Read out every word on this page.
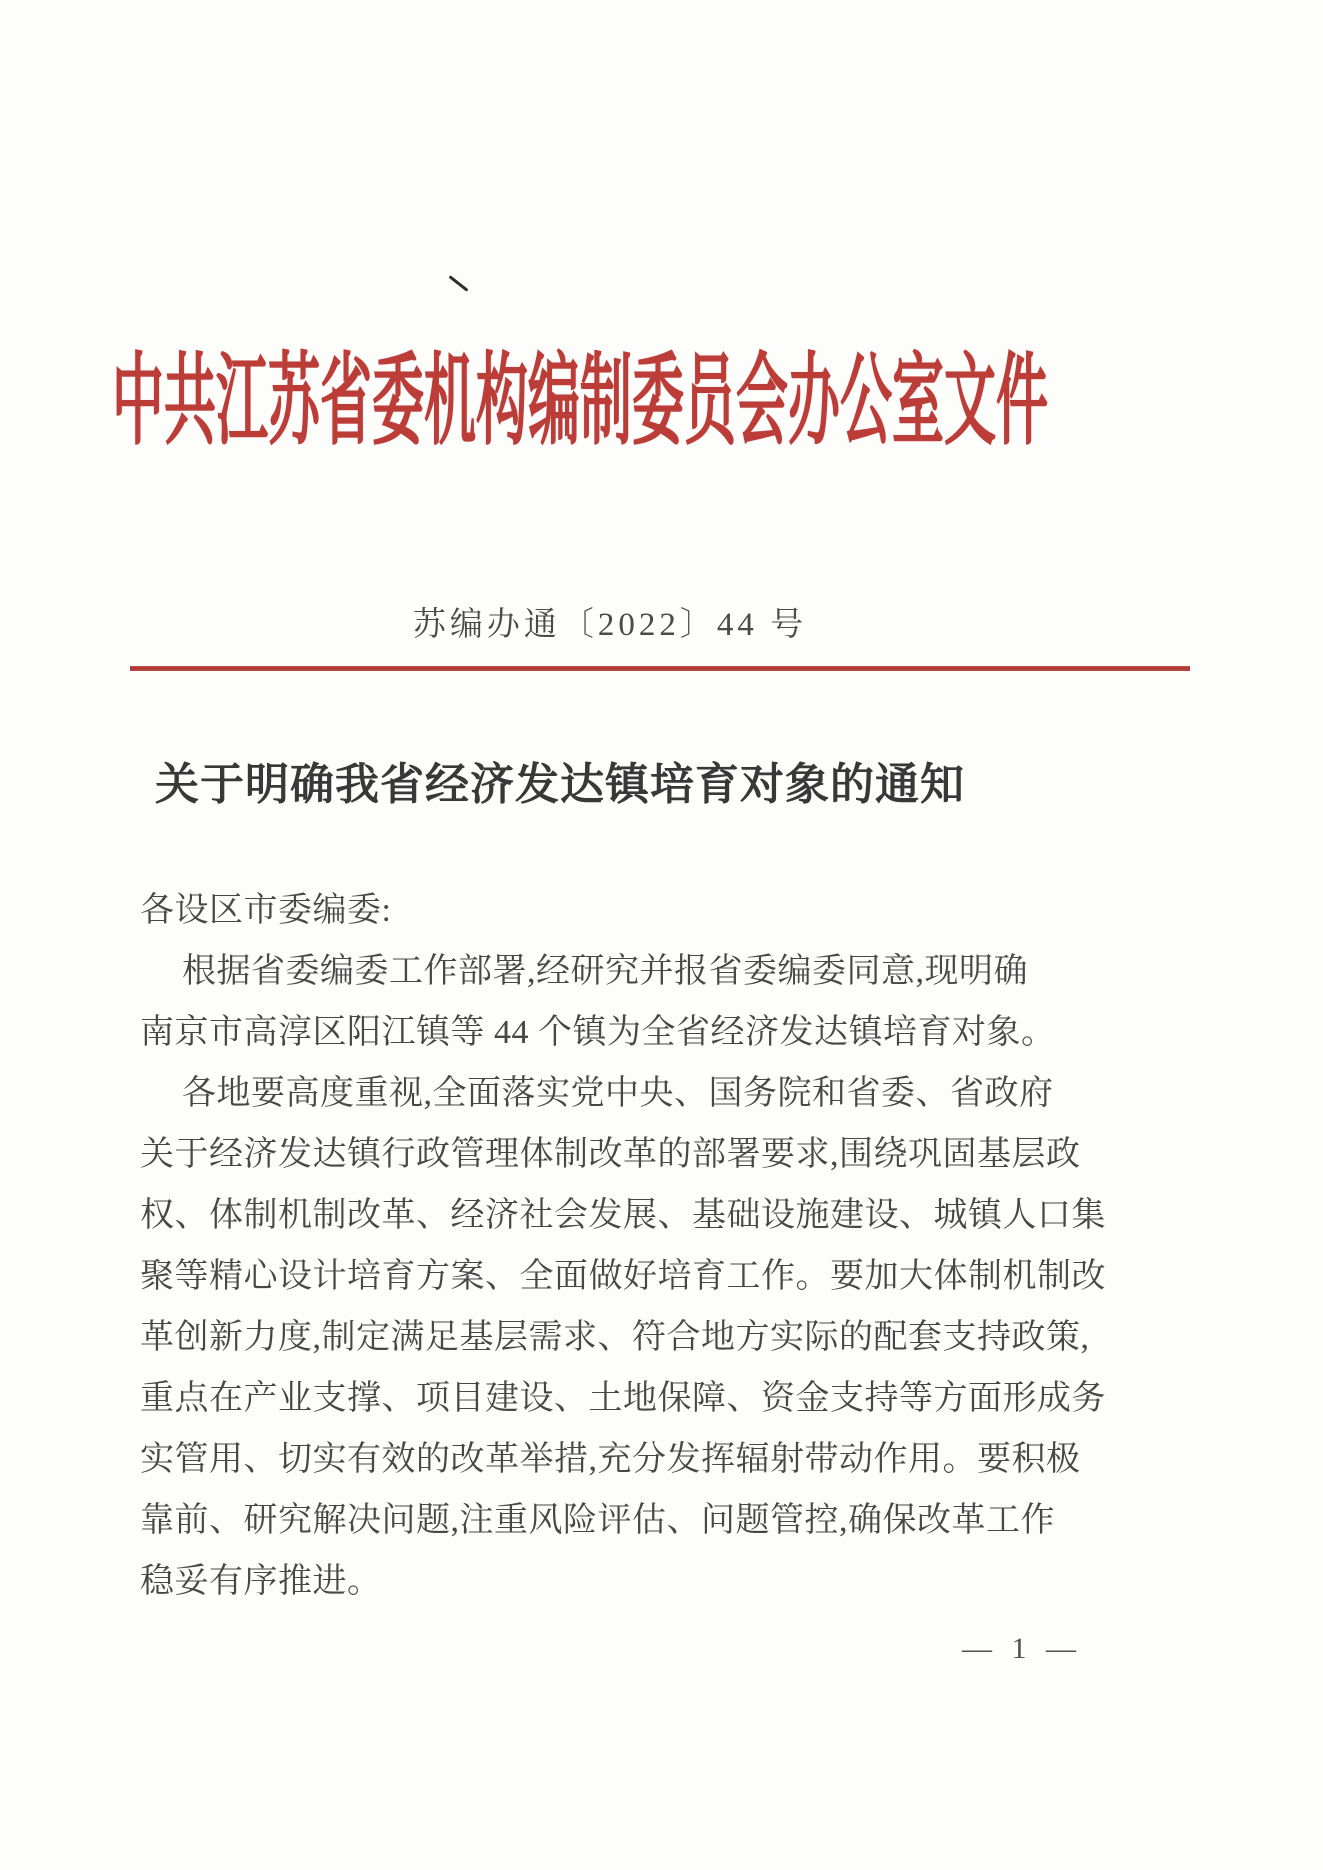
中共江苏省委机构编制委员会办公室文件
苏编办通〔2022〕44 号
关于明确我省经济发达镇培育对象的通知
各设区市委编委:
根据省委编委工作部署,经研究并报省委编委同意,现明确
南京市高淳区阳江镇等 44 个镇为全省经济发达镇培育对象。
各地要高度重视,全面落实党中央、国务院和省委、省政府
关于经济发达镇行政管理体制改革的部署要求,围绕巩固基层政
权、体制机制改革、经济社会发展、基础设施建设、城镇人口集
聚等精心设计培育方案、全面做好培育工作。要加大体制机制改
革创新力度,制定满足基层需求、符合地方实际的配套支持政策,
重点在产业支撑、项目建设、土地保障、资金支持等方面形成务
实管用、切实有效的改革举措,充分发挥辐射带动作用。要积极
靠前、研究解决问题,注重风险评估、问题管控,确保改革工作
稳妥有序推进。
— 1 —
